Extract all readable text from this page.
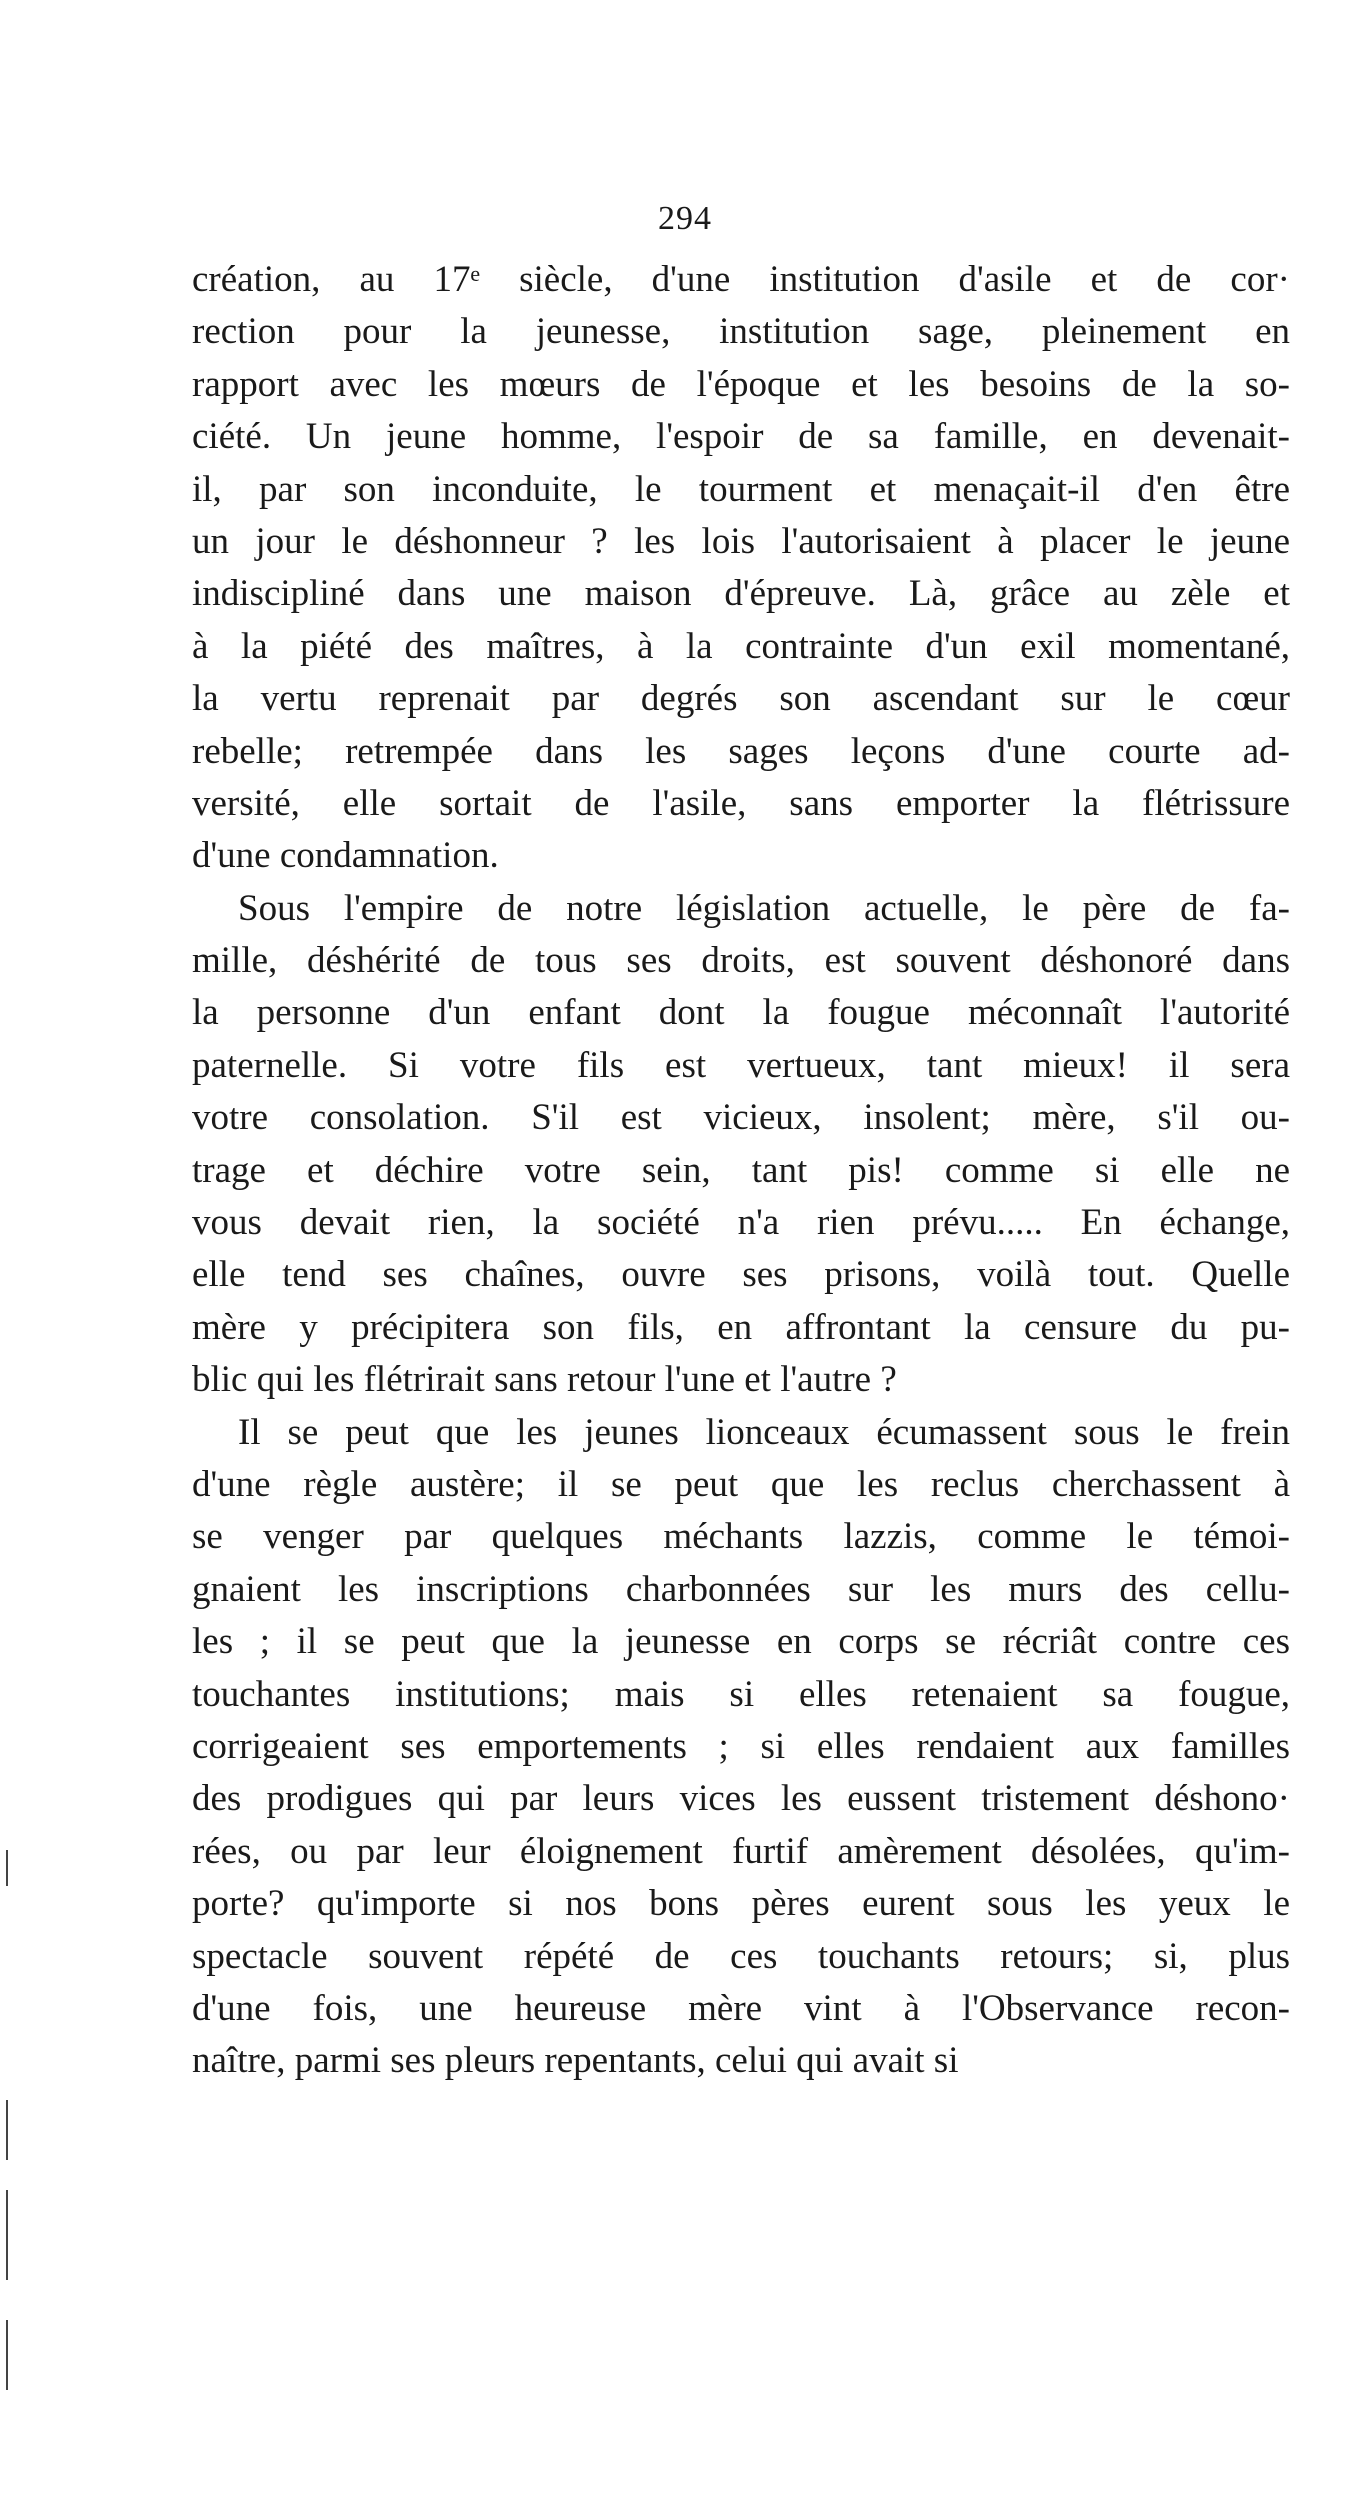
294
création, au 17ᵉ siècle, d'une institution d'asile et de cor·
rection pour la jeunesse, institution sage, pleinement en
rapport avec les mœurs de l'époque et les besoins de la so-
ciété. Un jeune homme, l'espoir de sa famille, en devenait-
il, par son inconduite, le tourment et menaçait-il d'en être
un jour le déshonneur ? les lois l'autorisaient à placer le jeune
indiscipliné dans une maison d'épreuve. Là, grâce au zèle et
à la piété des maîtres, à la contrainte d'un exil momentané,
la vertu reprenait par degrés son ascendant sur le cœur
rebelle; retrempée dans les sages leçons d'une courte ad-
versité, elle sortait de l'asile, sans emporter la flétrissure
d'une condamnation.
Sous l'empire de notre législation actuelle, le père de fa-
mille, déshérité de tous ses droits, est souvent déshonoré dans
la personne d'un enfant dont la fougue méconnaît l'autorité
paternelle. Si votre fils est vertueux, tant mieux! il sera
votre consolation. S'il est vicieux, insolent; mère, s'il ou-
trage et déchire votre sein, tant pis! comme si elle ne
vous devait rien, la société n'a rien prévu..... En échange,
elle tend ses chaînes, ouvre ses prisons, voilà tout. Quelle
mère y précipitera son fils, en affrontant la censure du pu-
blic qui les flétrirait sans retour l'une et l'autre ?
Il se peut que les jeunes lionceaux écumassent sous le frein
d'une règle austère; il se peut que les reclus cherchassent à
se venger par quelques méchants lazzis, comme le témoi-
gnaient les inscriptions charbonnées sur les murs des cellu-
les ; il se peut que la jeunesse en corps se récriât contre ces
touchantes institutions; mais si elles retenaient sa fougue,
corrigeaient ses emportements ; si elles rendaient aux familles
des prodigues qui par leurs vices les eussent tristement déshono·
rées, ou par leur éloignement furtif amèrement désolées, qu'im-
porte? qu'importe si nos bons pères eurent sous les yeux le
spectacle souvent répété de ces touchants retours; si, plus
d'une fois, une heureuse mère vint à l'Observance recon-
naître, parmi ses pleurs repentants, celui qui avait si
